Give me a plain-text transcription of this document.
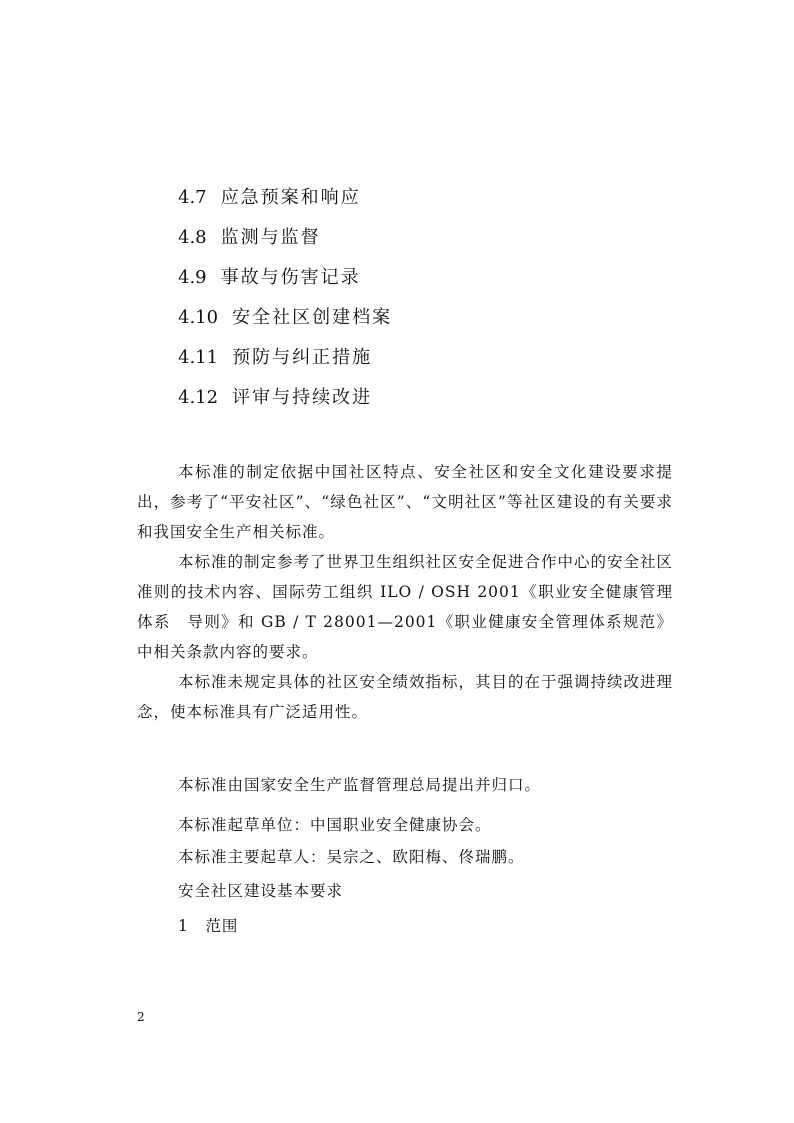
4.7 应急预案和响应
4.8 监测与监督
4.9 事故与伤害记录
4.10 安全社区创建档案
4.11 预防与纠正措施
4.12 评审与持续改进

本标准的制定依据中国社区特点、安全社区和安全文化建设要求提出，参考了“平安社区”、“绿色社区”、“文明社区”等社区建设的有关要求和我国安全生产相关标准。

本标准的制定参考了世界卫生组织社区安全促进合作中心的安全社区准则的技术内容、国际劳工组织 ILO / OSH 2001《职业安全健康管理体系　导则》和 GB / T 28001—2001《职业健康安全管理体系规范》中相关条款内容的要求。

本标准未规定具体的社区安全绩效指标，其目的在于强调持续改进理念，使本标准具有广泛适用性。

本标准由国家安全生产监督管理总局提出并归口。
本标准起草单位：中国职业安全健康协会。
本标准主要起草人：吴宗之、欧阳梅、佟瑞鹏。
安全社区建设基本要求
1　范围
2
